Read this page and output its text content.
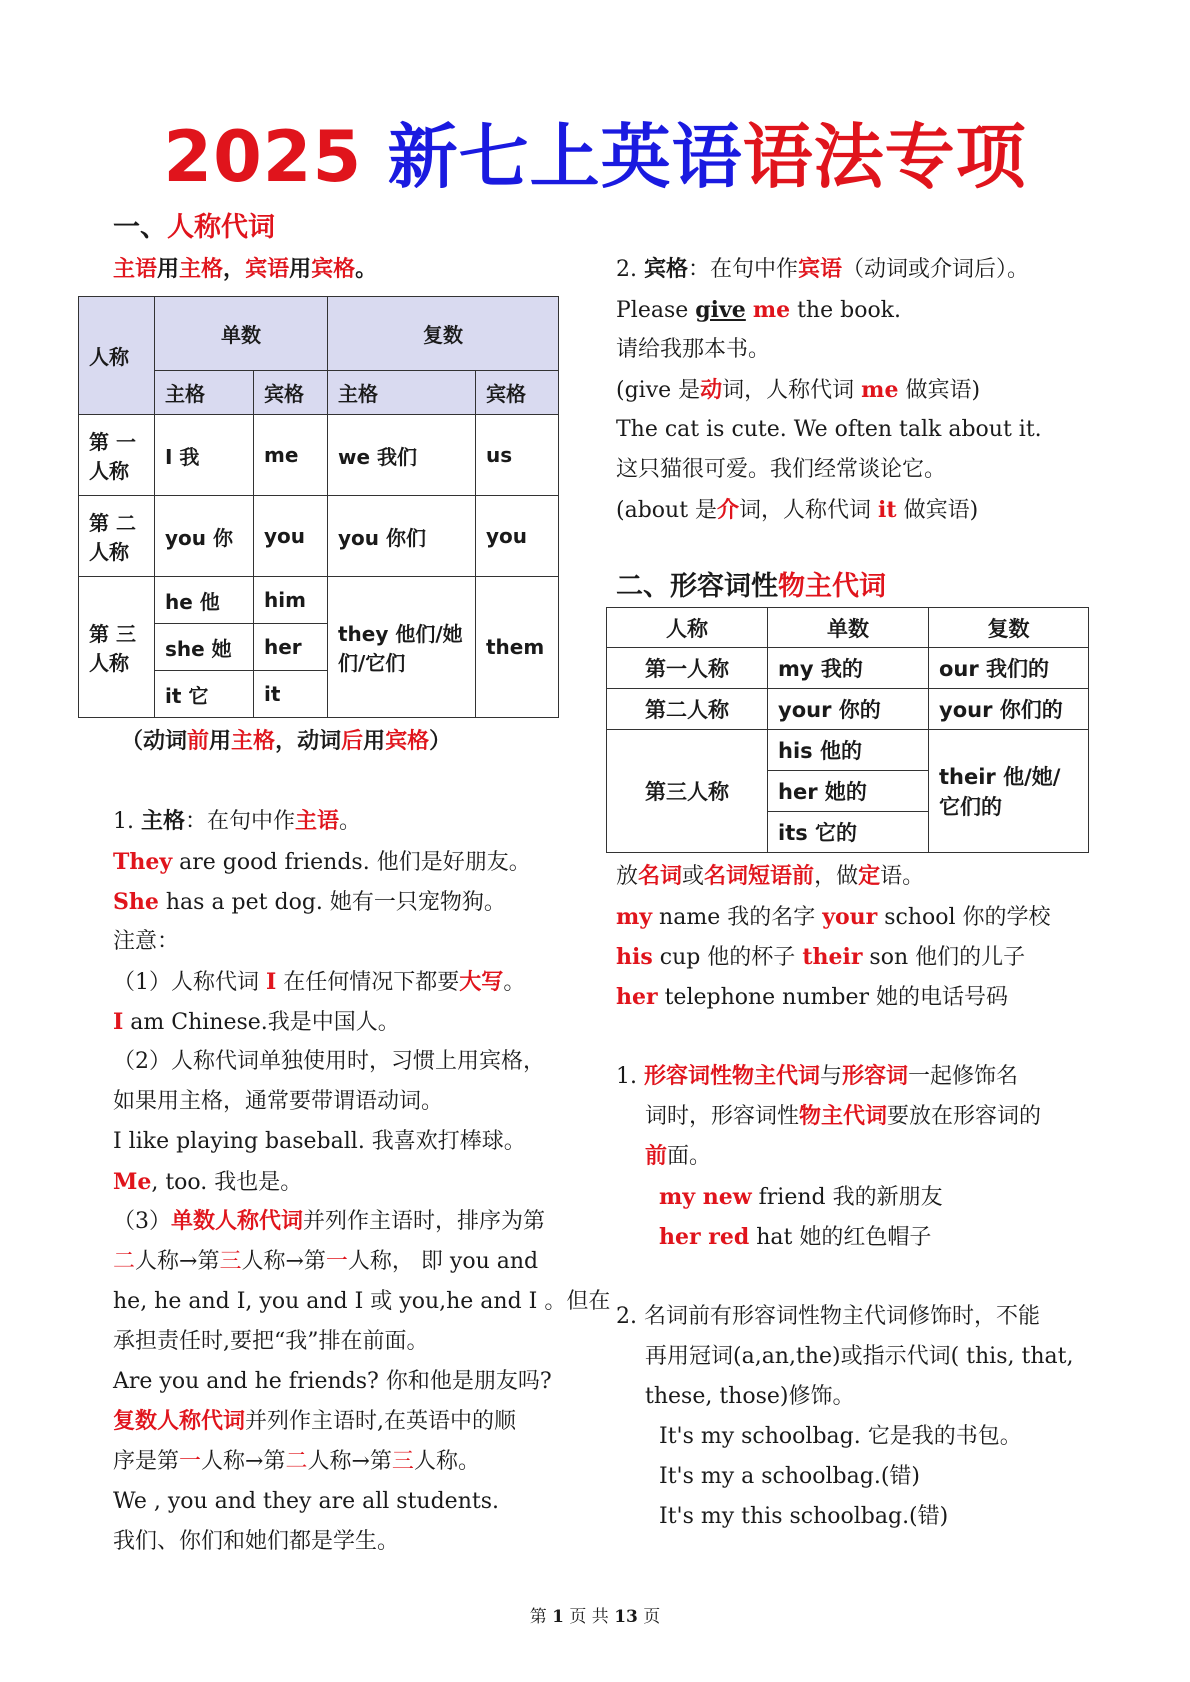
2025 新七上英语语法专项
一、人称代词
主语用主格，宾语用宾格。
人称	单数		复数	
	主格	宾格	主格	宾格
第 一 人称	I 我	me	we 我们	us
第 二 人称	you 你	you	you 你们	you
第 三 人称	he 他	him	they 他们/她们/它们	them
	she 她	her		
	it 它	it		
（动词前用主格，动词后用宾格）
1. 主格：在句中作主语。
They are good friends. 他们是好朋友。
She has a pet dog. 她有一只宠物狗。
注意：
（1）人称代词 I 在任何情况下都要大写。
I am Chinese.我是中国人。
（2）人称代词单独使用时，习惯上用宾格，
如果用主格，通常要带谓语动词。
I like playing baseball. 我喜欢打棒球。
Me, too. 我也是。
（3）单数人称代词并列作主语时，排序为第
二人称→第三人称→第一人称， 即 you and
he, he and I, you and I 或 you,he and I 。但在
承担责任时,要把“我”排在前面。
Are you and he friends? 你和他是朋友吗?
复数人称代词并列作主语时,在英语中的顺
序是第一人称→第二人称→第三人称。
We , you and they are all students.
我们、你们和她们都是学生。
2. 宾格：在句中作宾语（动词或介词后）。
Please give me the book.
请给我那本书。
(give 是动词，人称代词 me 做宾语)
The cat is cute. We often talk about it.
这只猫很可爱。我们经常谈论它。
(about 是介词，人称代词 it 做宾语)
二、形容词性物主代词
人称	单数	复数
第一人称	my 我的	our 我们的
第二人称	your 你的	your 你们的
第三人称	his 他的	their 他/她/它们的
	her 她的	
	its 它的	
放名词或名词短语前，做定语。
my name 我的名字 your school 你的学校
his cup 他的杯子 their son 他们的儿子
her telephone number 她的电话号码
1. 形容词性物主代词与形容词一起修饰名
词时，形容词性物主代词要放在形容词的
前面。
my new friend 我的新朋友
her red hat 她的红色帽子
2. 名词前有形容词性物主代词修饰时，不能
再用冠词(a,an,the)或指示代词( this, that,
these, those)修饰。
It's my schoolbag. 它是我的书包。
It's my a schoolbag.(错)
It's my this schoolbag.(错)
第 1 页 共 13 页
